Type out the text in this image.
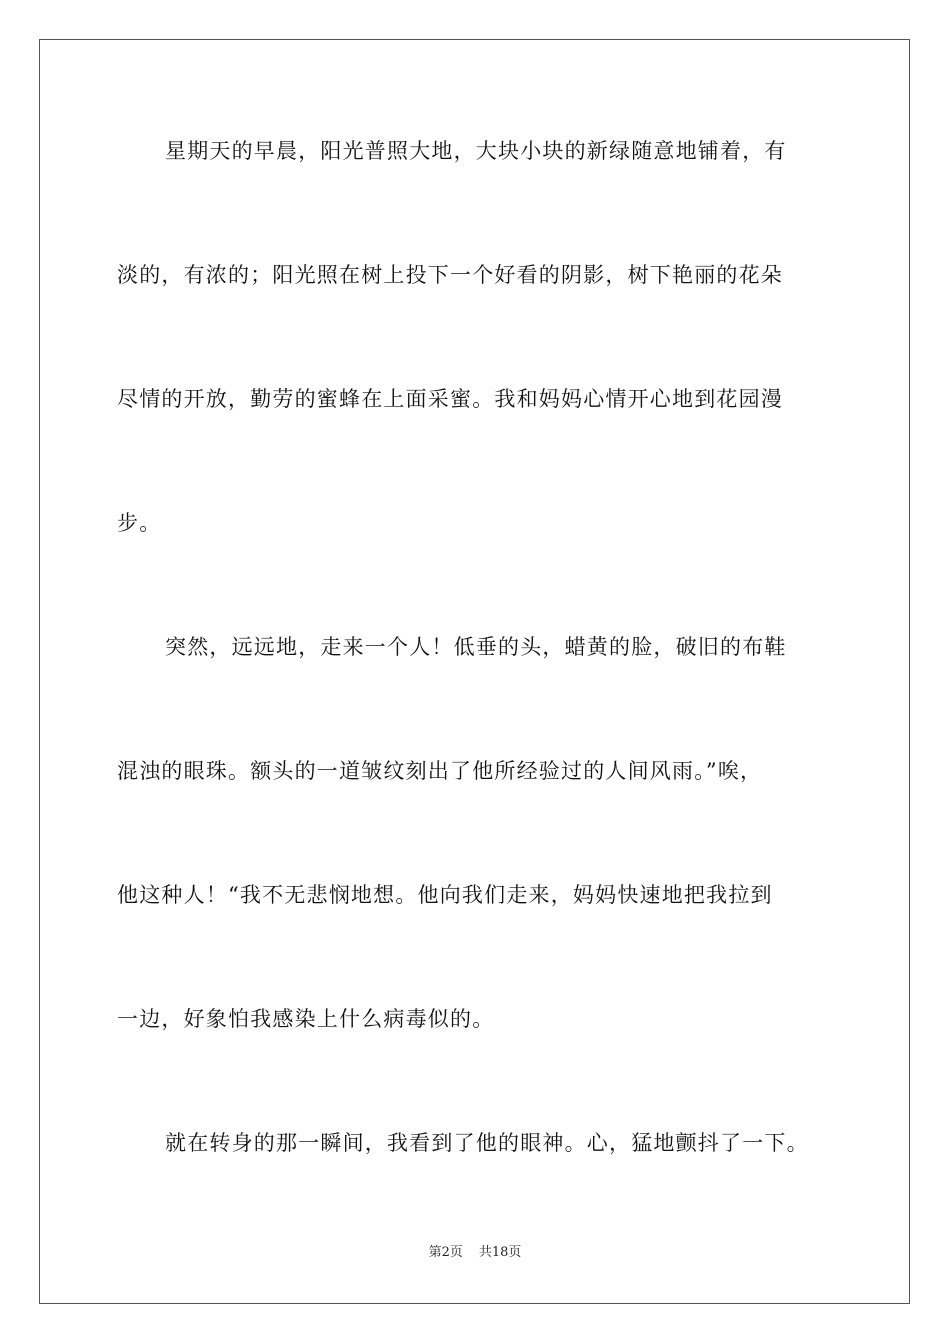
星期天的早晨，阳光普照大地，大块小块的新绿随意地铺着，有
淡的，有浓的；阳光照在树上投下一个好看的阴影，树下艳丽的花朵
尽情的开放，勤劳的蜜蜂在上面采蜜。我和妈妈心情开心地到花园漫
步。
突然，远远地，走来一个人！低垂的头，蜡黄的脸，破旧的布鞋
混浊的眼珠。额头的一道皱纹刻出了他所经验过的人间风雨。”唉，
他这种人！“我不无悲悯地想。他向我们走来，妈妈快速地把我拉到
一边，好象怕我感染上什么病毒似的。
就在转身的那一瞬间，我看到了他的眼神。心，猛地颤抖了一下。
第2页 共18页
